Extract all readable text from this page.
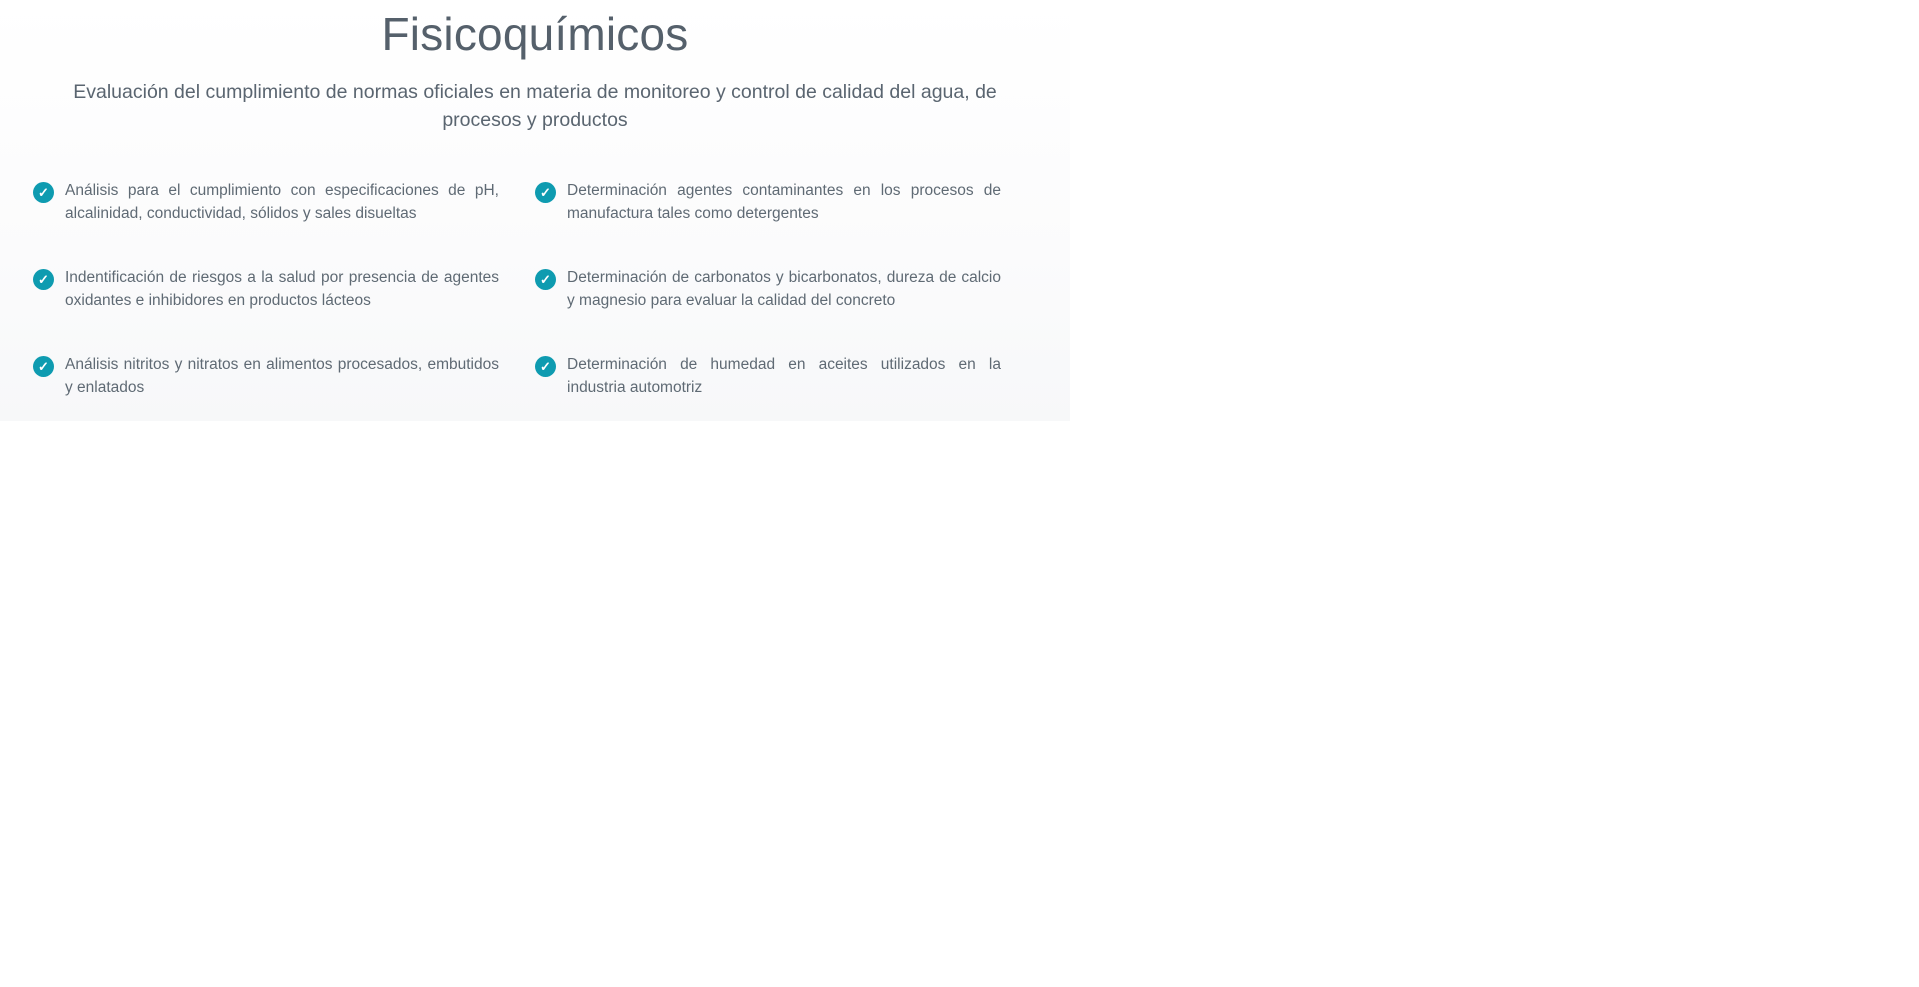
Fisicoquímicos

Evaluación del cumplimiento de normas oficiales en materia de monitoreo y control de calidad del agua, de procesos y productos

✓	Análisis para el cumplimiento con especificaciones de pH, alcalinidad, conductividad, sólidos y sales disueltas
✓	Determinación agentes contaminantes en los procesos de manufactura tales como detergentes
✓	Indentificación de riesgos a la salud por presencia de agentes oxidantes e inhibidores en productos lácteos
✓	Determinación de carbonatos y bicarbonatos, dureza de calcio y magnesio para evaluar la calidad del concreto
✓	Análisis nitritos y nitratos en alimentos procesados, embutidos y enlatados
✓	Determinación de humedad en aceites utilizados en la industria automotriz
